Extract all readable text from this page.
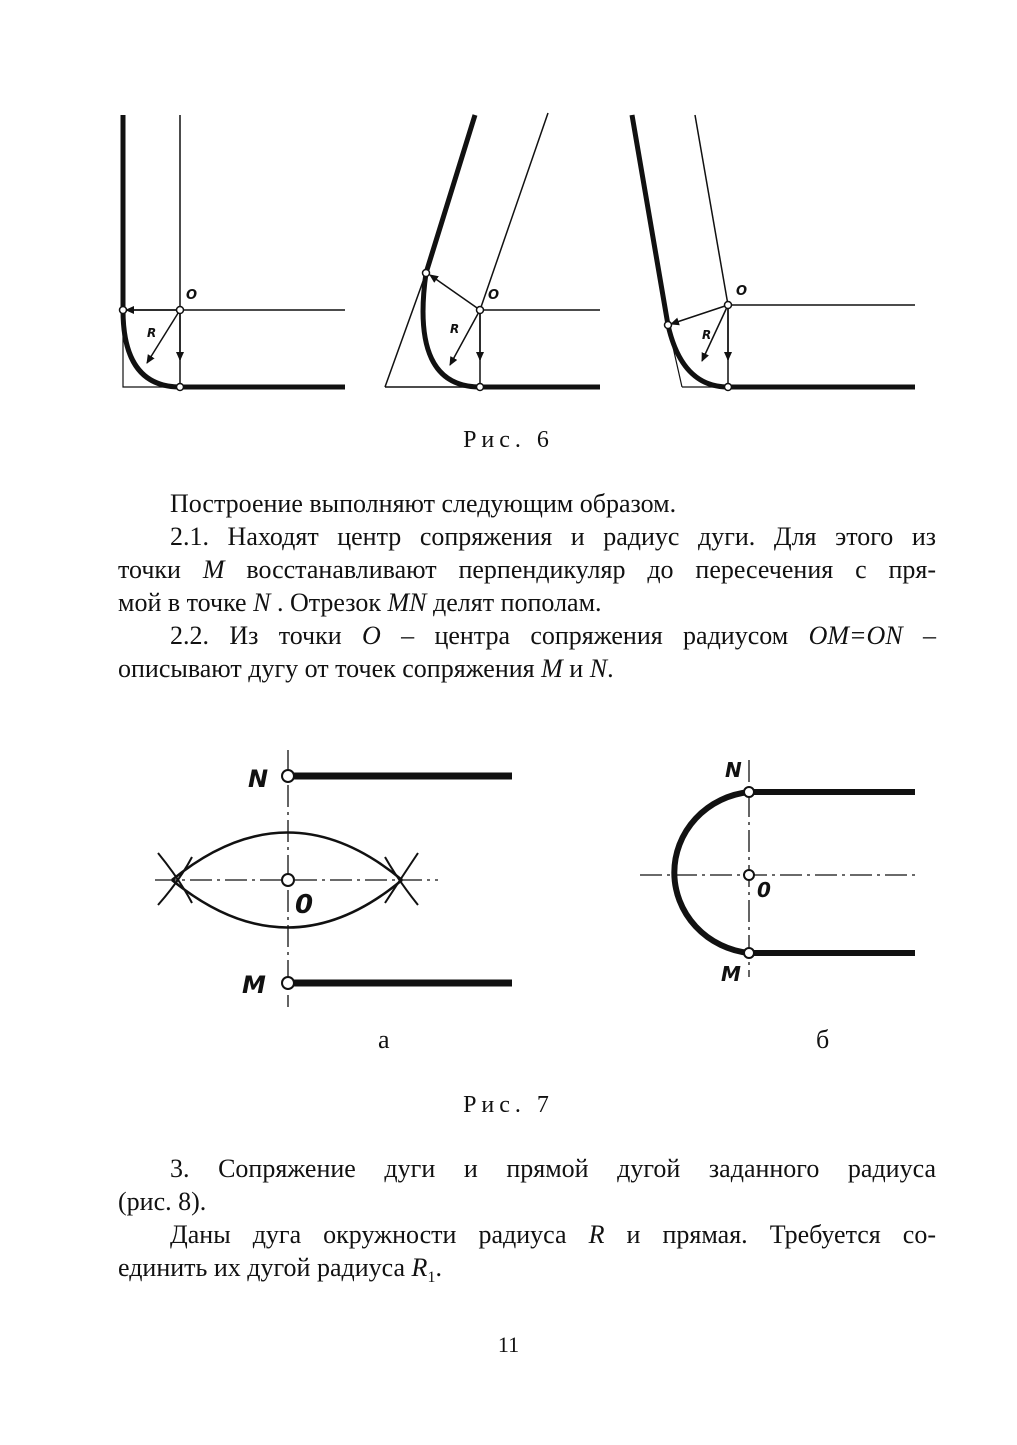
O
R
O
R
O
R
Рис. 6
Построение выполняют следующим образом.
2.1. Находят центр сопряжения и радиус дуги. Для этого из
точки M восстанавливают перпендикуляр до пересечения с пря-
мой в точке N . Отрезок MN делят пополам.
2.2. Из точки O – центра сопряжения радиусом OM=ON –
описывают дугу от точек сопряжения M и N.
N
0
M
N
0
M
а	б
Рис. 7
3. Сопряжение дуги и прямой дугой заданного радиуса
(рис. 8).
Даны дуга окружности радиуса R и прямая. Требуется со-
единить их дугой радиуса $R_1$.
11
